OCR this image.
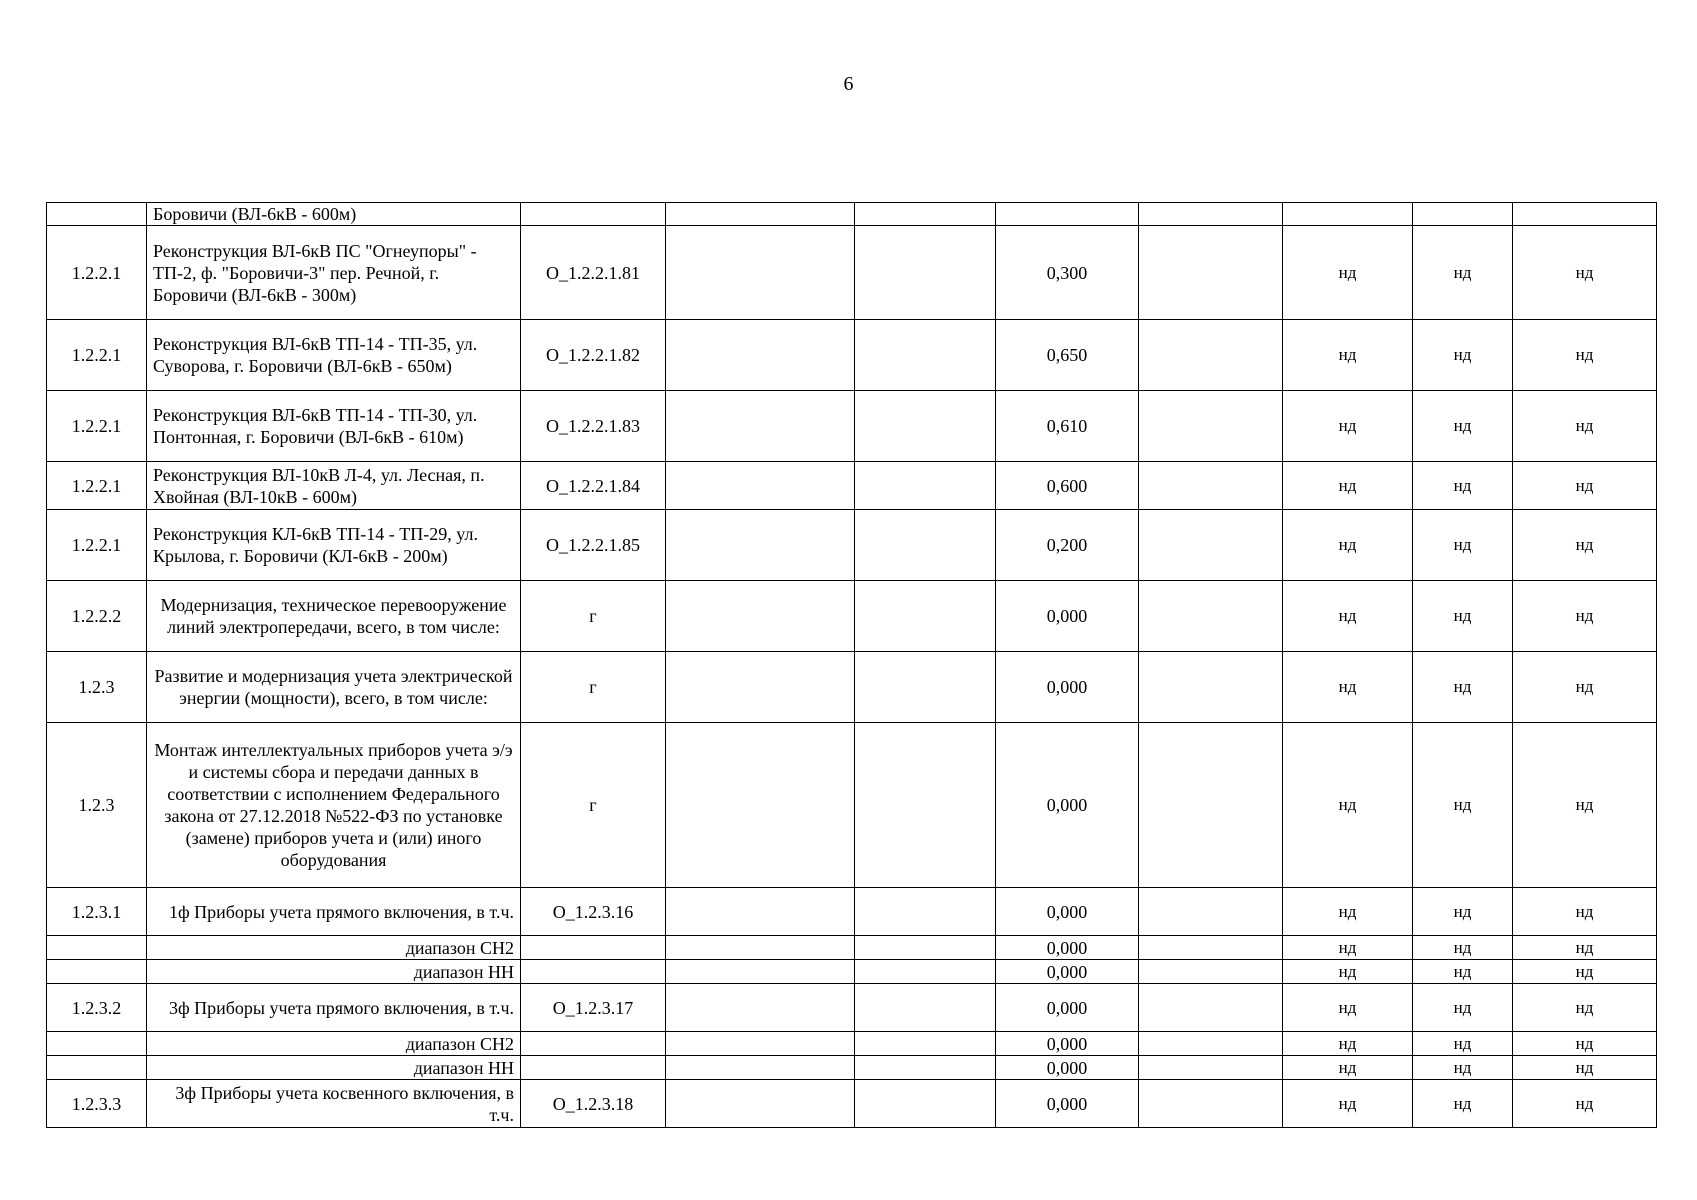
6
	Боровичи (ВЛ-6кВ - 600м)								
1.2.2.1	Реконструкция ВЛ-6кВ ПС "Огнеупоры" - ТП-2, ф. "Боровичи-3" пер. Речной, г. Боровичи (ВЛ-6кВ - 300м)	О_1.2.2.1.81			0,300		нд	нд	нд
1.2.2.1	Реконструкция ВЛ-6кВ ТП-14 - ТП-35, ул. Суворова, г. Боровичи (ВЛ-6кВ - 650м)	О_1.2.2.1.82			0,650		нд	нд	нд
1.2.2.1	Реконструкция ВЛ-6кВ ТП-14 - ТП-30, ул. Понтонная, г. Боровичи (ВЛ-6кВ - 610м)	О_1.2.2.1.83			0,610		нд	нд	нд
1.2.2.1	Реконструкция ВЛ-10кВ Л-4, ул. Лесная, п. Хвойная (ВЛ-10кВ - 600м)	О_1.2.2.1.84			0,600		нд	нд	нд
1.2.2.1	Реконструкция КЛ-6кВ ТП-14 - ТП-29, ул. Крылова, г. Боровичи (КЛ-6кВ - 200м)	О_1.2.2.1.85			0,200		нд	нд	нд
1.2.2.2	Модернизация, техническое перевооружение линий электропередачи, всего, в том числе:	г			0,000		нд	нд	нд
1.2.3	Развитие и модернизация учета электрической энергии (мощности), всего, в том числе:	г			0,000		нд	нд	нд
1.2.3	Монтаж интеллектуальных приборов учета э/э и системы сбора и передачи данных в соответствии с исполнением Федерального закона от 27.12.2018 №522-ФЗ по установке (замене) приборов учета и (или) иного оборудования	г			0,000		нд	нд	нд
1.2.3.1	1ф Приборы учета прямого включения, в т.ч.	О_1.2.3.16			0,000		нд	нд	нд
	диапазон СН2				0,000		нд	нд	нд
	диапазон НН				0,000		нд	нд	нд
1.2.3.2	3ф Приборы учета прямого включения, в т.ч.	О_1.2.3.17			0,000		нд	нд	нд
	диапазон СН2				0,000		нд	нд	нд
	диапазон НН				0,000		нд	нд	нд
1.2.3.3	3ф Приборы учета косвенного включения, в т.ч.	О_1.2.3.18			0,000		нд	нд	нд
